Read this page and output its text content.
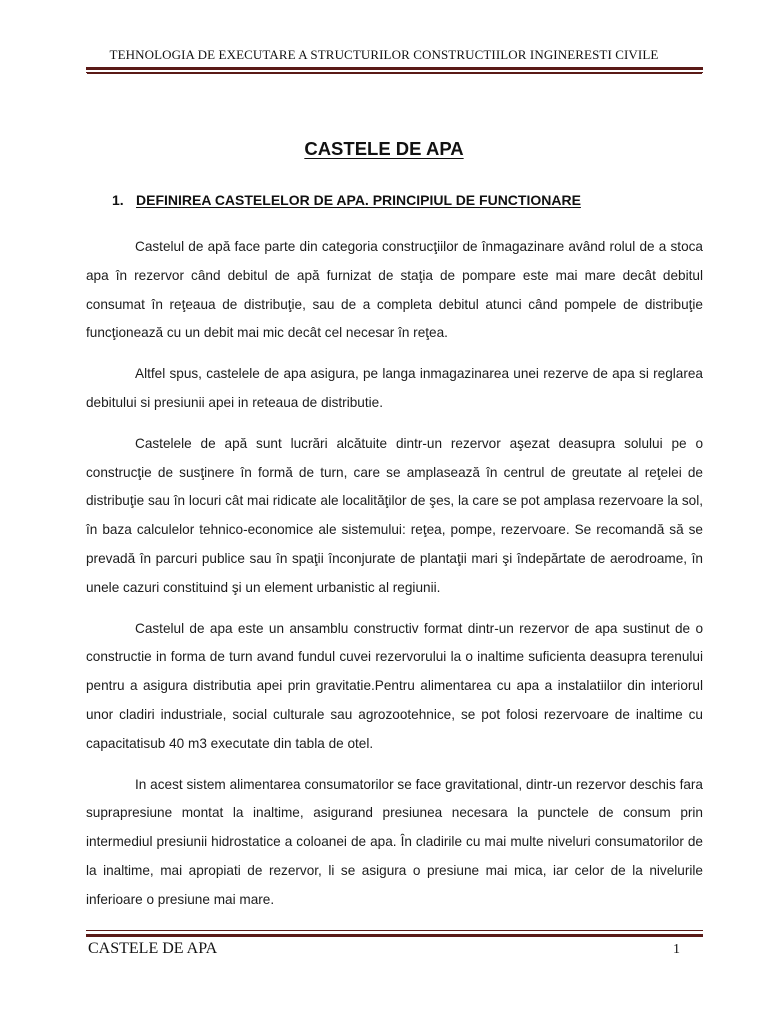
TEHNOLOGIA DE EXECUTARE A STRUCTURILOR CONSTRUCTIILOR INGINERESTI CIVILE
CASTELE DE APA
1. DEFINIREA CASTELELOR DE APA. PRINCIPIUL DE FUNCTIONARE

Castelul de apă face parte din categoria construcţiilor de înmagazinare având rolul de a stoca apa în rezervor când debitul de apă furnizat de staţia de pompare este mai mare decât debitul consumat în reţeaua de distribuţie, sau de a completa debitul atunci când pompele de distribuţie funcţionează cu un debit mai mic decât cel necesar în reţea.

Altfel spus, castelele de apa asigura, pe langa inmagazinarea unei rezerve de apa si reglarea debitului si presiunii apei in reteaua de distributie.

Castelele de apă sunt lucrări alcătuite dintr-un rezervor aşezat deasupra solului pe o construcţie de susţinere în formă de turn, care se amplasează în centrul de greutate al reţelei de distribuţie sau în locuri cât mai ridicate ale localităţilor de şes, la care se pot amplasa rezervoare la sol, în baza calculelor tehnico-economice ale sistemului: reţea, pompe, rezervoare. Se recomandă să se prevadă în parcuri publice sau în spaţii înconjurate de plantaţii mari şi îndepărtate de aerodroame, în unele cazuri constituind şi un element urbanistic al regiunii.

Castelul de apa este un ansamblu constructiv format dintr-un rezervor de apa sustinut de o constructie in forma de turn avand fundul cuvei rezervorului la o inaltime suficienta deasupra terenului pentru a asigura distributia apei prin gravitatie.Pentru alimentarea cu apa a instalatiilor din interiorul unor cladiri industriale, social culturale sau agrozootehnice, se pot folosi rezervoare de inaltime cu capacitatisub 40 m3 executate din tabla de otel.

In acest sistem alimentarea consumatorilor se face gravitational, dintr-un rezervor deschis fara suprapresiune montat la inaltime, asigurand presiunea necesara la punctele de consum prin intermediul presiunii hidrostatice a coloanei de apa. În cladirile cu mai multe niveluri consumatorilor de la inaltime, mai apropiati de rezervor, li se asigura o presiune mai mica, iar celor de la nivelurile inferioare o presiune mai mare.

CASTELE DE APA	1
